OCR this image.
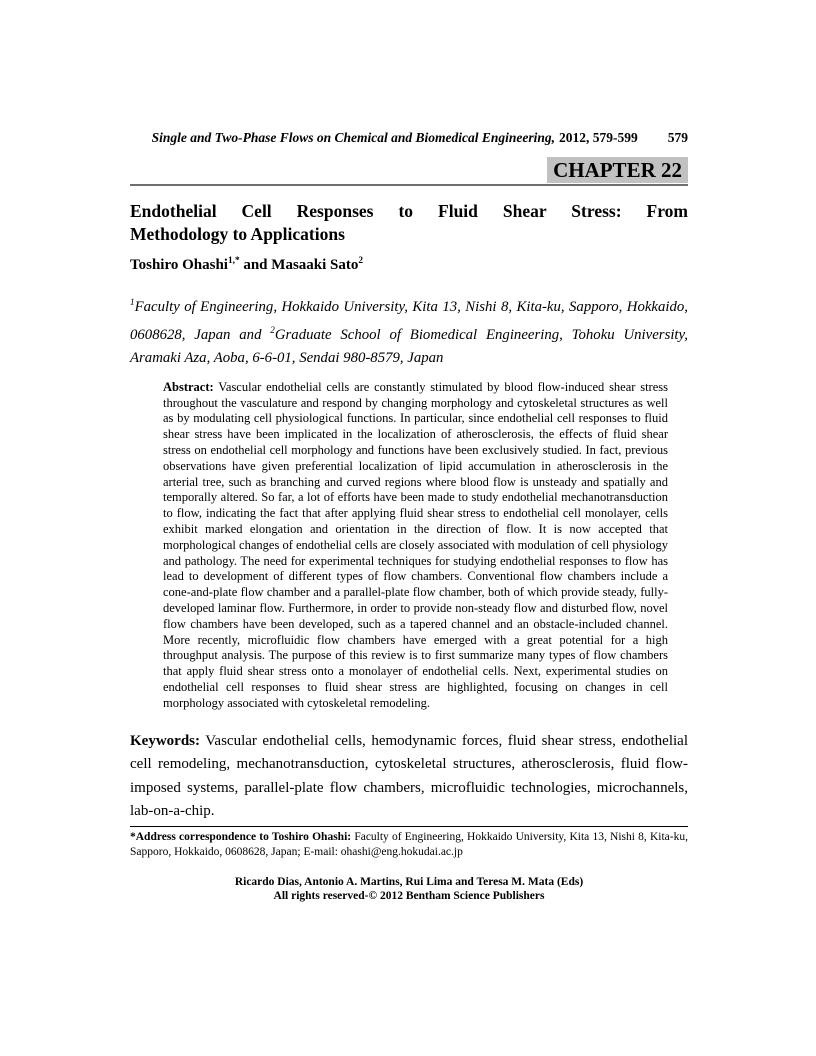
Single and Two-Phase Flows on Chemical and Biomedical Engineering, 2012, 579-599 579
CHAPTER 22
Endothelial Cell Responses to Fluid Shear Stress: From
Methodology to Applications
Toshiro Ohashi$^{1,*}$ and Masaaki Sato$^2$
$^1$Faculty of Engineering, Hokkaido University, Kita 13, Nishi 8, Kita-ku, Sapporo, Hokkaido, 0608628, Japan and $^2$Graduate School of Biomedical Engineering, Tohoku University, Aramaki Aza, Aoba, 6-6-01, Sendai 980-8579, Japan
Abstract: Vascular endothelial cells are constantly stimulated by blood flow-induced shear stress throughout the vasculature and respond by changing morphology and cytoskeletal structures as well as by modulating cell physiological functions. In particular, since endothelial cell responses to fluid shear stress have been implicated in the localization of atherosclerosis, the effects of fluid shear stress on endothelial cell morphology and functions have been exclusively studied. In fact, previous observations have given preferential localization of lipid accumulation in atherosclerosis in the arterial tree, such as branching and curved regions where blood flow is unsteady and spatially and temporally altered. So far, a lot of efforts have been made to study endothelial mechanotransduction to flow, indicating the fact that after applying fluid shear stress to endothelial cell monolayer, cells exhibit marked elongation and orientation in the direction of flow. It is now accepted that morphological changes of endothelial cells are closely associated with modulation of cell physiology and pathology. The need for experimental techniques for studying endothelial responses to flow has lead to development of different types of flow chambers. Conventional flow chambers include a cone-and-plate flow chamber and a parallel-plate flow chamber, both of which provide steady, fully-developed laminar flow. Furthermore, in order to provide non-steady flow and disturbed flow, novel flow chambers have been developed, such as a tapered channel and an obstacle-included channel. More recently, microfluidic flow chambers have emerged with a great potential for a high throughput analysis. The purpose of this review is to first summarize many types of flow chambers that apply fluid shear stress onto a monolayer of endothelial cells. Next, experimental studies on endothelial cell responses to fluid shear stress are highlighted, focusing on changes in cell morphology associated with cytoskeletal remodeling.
Keywords: Vascular endothelial cells, hemodynamic forces, fluid shear stress, endothelial cell remodeling, mechanotransduction, cytoskeletal structures, atherosclerosis, fluid flow-imposed systems, parallel-plate flow chambers, microfluidic technologies, microchannels, lab-on-a-chip.
*Address correspondence to Toshiro Ohashi: Faculty of Engineering, Hokkaido University, Kita 13, Nishi 8, Kita-ku, Sapporo, Hokkaido, 0608628, Japan; E-mail: ohashi@eng.hokudai.ac.jp
Ricardo Dias, Antonio A. Martins, Rui Lima and Teresa M. Mata (Eds)
All rights reserved-© 2012 Bentham Science Publishers
